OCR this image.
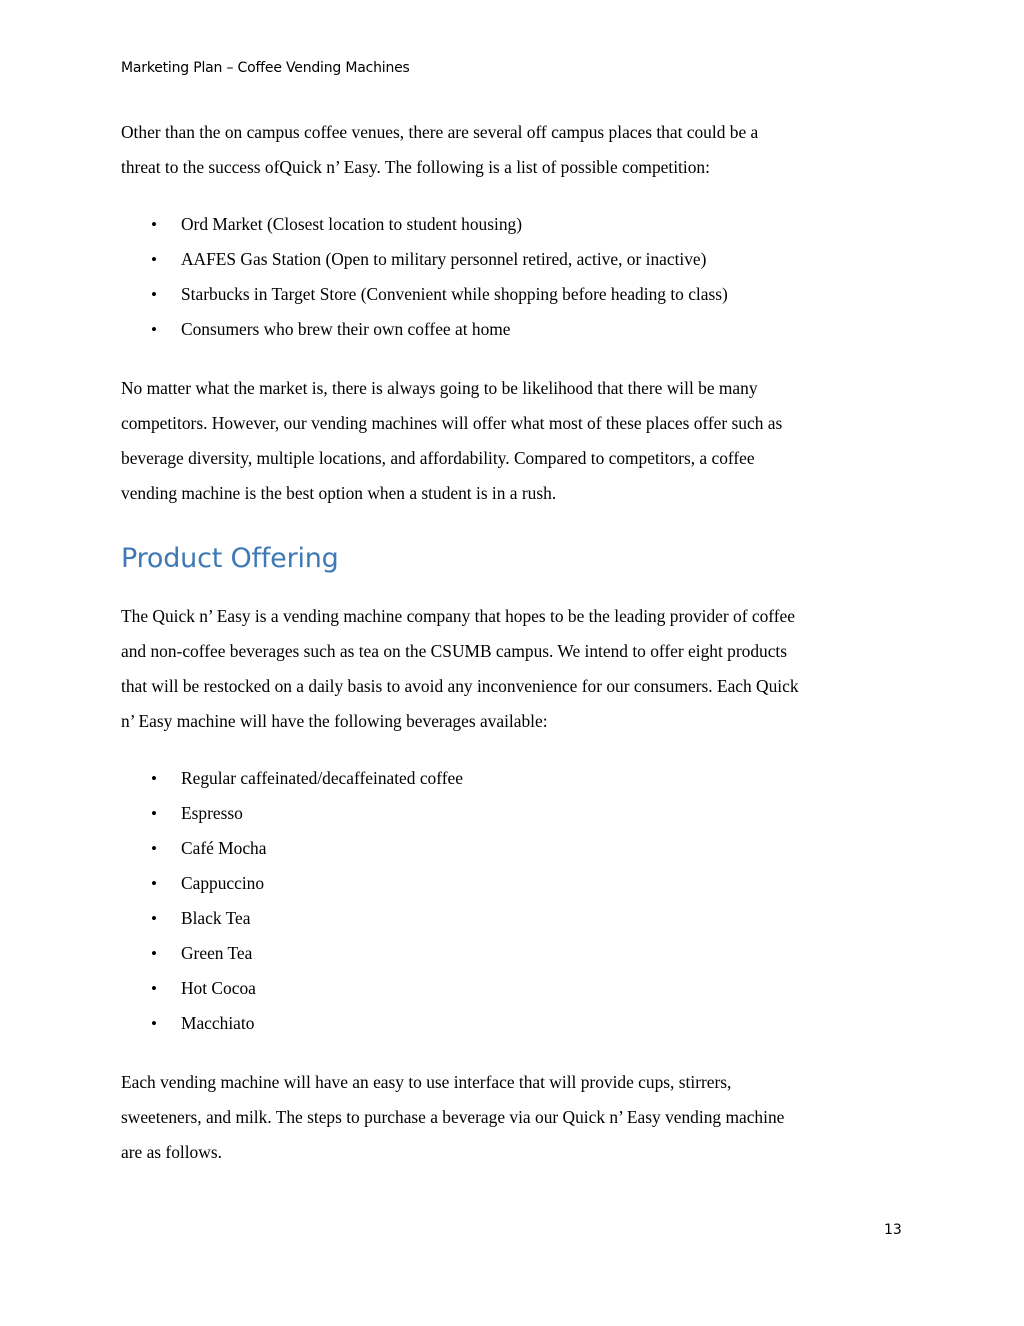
Marketing Plan – Coffee Vending Machines

Other than the on campus coffee venues, there are several off campus places that could be a
threat to the success ofQuick n’ Easy. The following is a list of possible competition:

• Ord Market (Closest location to student housing)
• AAFES Gas Station (Open to military personnel retired, active, or inactive)
• Starbucks in Target Store (Convenient while shopping before heading to class)
• Consumers who brew their own coffee at home

No matter what the market is, there is always going to be likelihood that there will be many
competitors. However, our vending machines will offer what most of these places offer such as
beverage diversity, multiple locations, and affordability. Compared to competitors, a coffee
vending machine is the best option when a student is in a rush.

Product Offering

The Quick n’ Easy is a vending machine company that hopes to be the leading provider of coffee
and non-coffee beverages such as tea on the CSUMB campus. We intend to offer eight products
that will be restocked on a daily basis to avoid any inconvenience for our consumers. Each Quick
n’ Easy machine will have the following beverages available:

• Regular caffeinated/decaffeinated coffee
• Espresso
• Café Mocha
• Cappuccino
• Black Tea
• Green Tea
• Hot Cocoa
• Macchiato

Each vending machine will have an easy to use interface that will provide cups, stirrers,
sweeteners, and milk. The steps to purchase a beverage via our Quick n’ Easy vending machine
are as follows.

13
